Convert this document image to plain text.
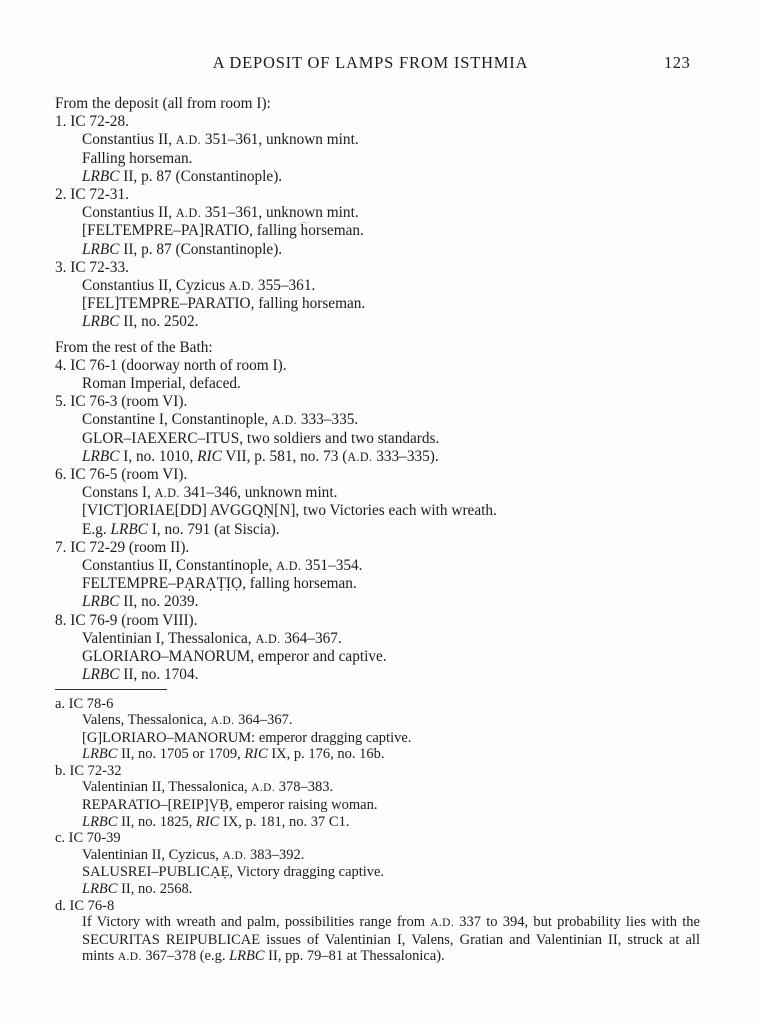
A DEPOSIT OF LAMPS FROM ISTHMIA	123
From the deposit (all from room I):
1. IC 72-28.
Constantius II, A.D. 351–361, unknown mint.
Falling horseman.
LRBC II, p. 87 (Constantinople).
2. IC 72-31.
Constantius II, A.D. 351–361, unknown mint.
[FELTEMPRE–PA]RATIO, falling horseman.
LRBC II, p. 87 (Constantinople).
3. IC 72-33.
Constantius II, Cyzicus A.D. 355–361.
[FEL]TEMPRE–PARATIO, falling horseman.
LRBC II, no. 2502.
From the rest of the Bath:
4. IC 76-1 (doorway north of room I).
Roman Imperial, defaced.
5. IC 76-3 (room VI).
Constantine I, Constantinople, A.D. 333–335.
GLOR–IAEXERC–ITUS, two soldiers and two standards.
LRBC I, no. 1010, RIC VII, p. 581, no. 73 (A.D. 333–335).
6. IC 76-5 (room VI).
Constans I, A.D. 341–346, unknown mint.
[VICT]ORIAE[DD] AVGGQṆ[N], two Victories each with wreath.
E.g. LRBC I, no. 791 (at Siscia).
7. IC 72-29 (room II).
Constantius II, Constantinople, A.D. 351–354.
FELTEMPRE–PẠRẠṬỊỌ, falling horseman.
LRBC II, no. 2039.
8. IC 76-9 (room VIII).
Valentinian I, Thessalonica, A.D. 364–367.
GLORIARO–MANORUM, emperor and captive.
LRBC II, no. 1704.
a. IC 78-6
Valens, Thessalonica, A.D. 364–367.
[G]LORIARO–MANORUM: emperor dragging captive.
LRBC II, no. 1705 or 1709, RIC IX, p. 176, no. 16b.
b. IC 72-32
Valentinian II, Thessalonica, A.D. 378–383.
REPARATIO–[REIP]ṾḄ, emperor raising woman.
LRBC II, no. 1825, RIC IX, p. 181, no. 37 C1.
c. IC 70-39
Valentinian II, Cyzicus, A.D. 383–392.
SALUSREI–PUBLICẠẸ, Victory dragging captive.
LRBC II, no. 2568.
d. IC 76-8
If Victory with wreath and palm, possibilities range from A.D. 337 to 394, but probability lies with the SECURITAS REIPUBLICAE issues of Valentinian I, Valens, Gratian and Valentinian II, struck at all mints A.D. 367–378 (e.g. LRBC II, pp. 79–81 at Thessalonica).
